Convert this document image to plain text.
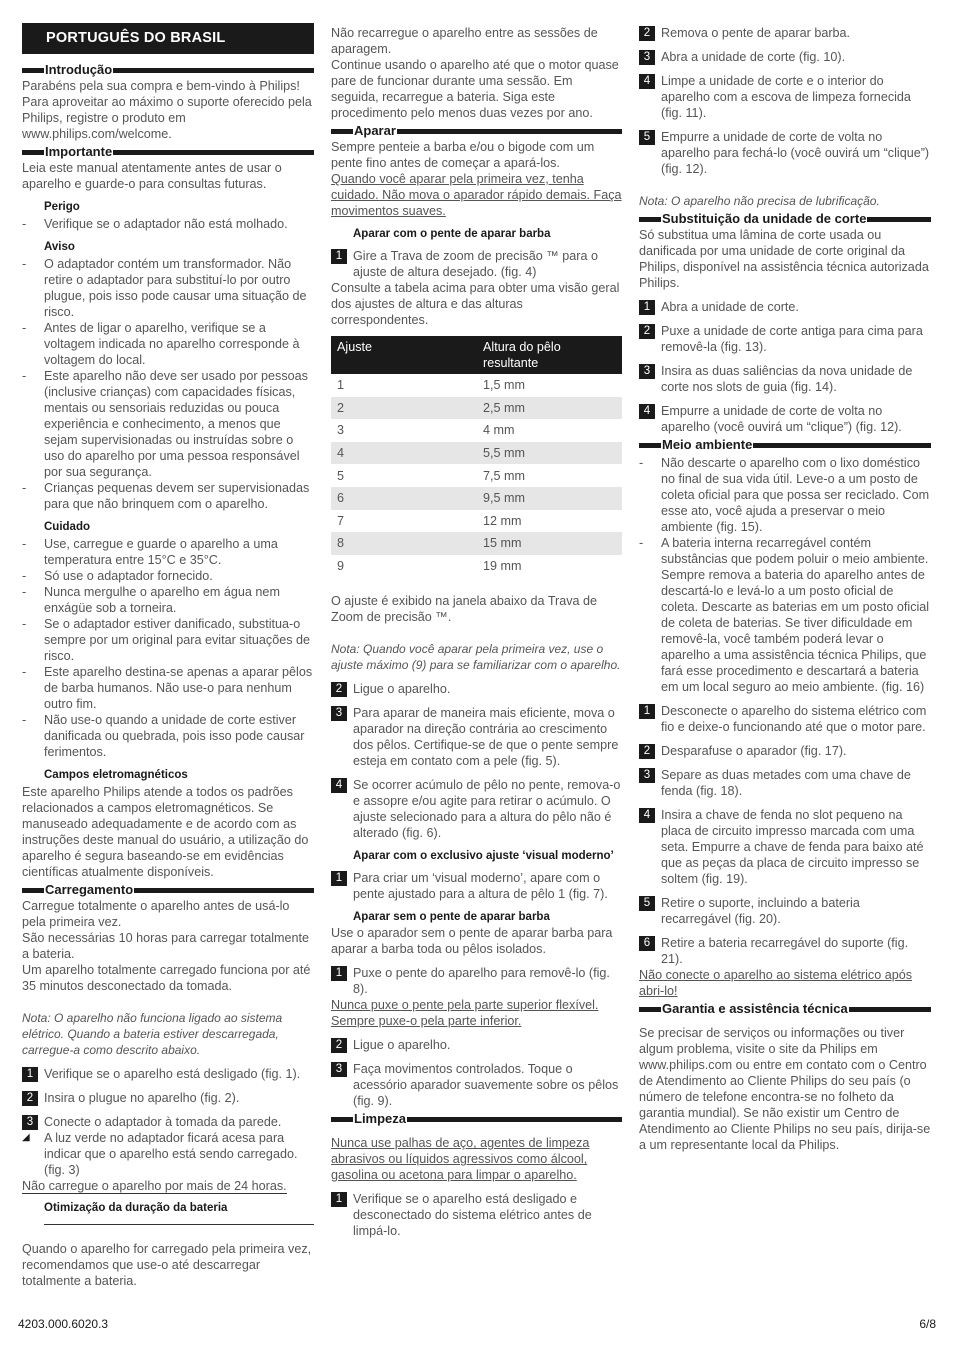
PORTUGUÊS DO BRASIL
Introdução

Parabéns pela sua compra e bem-vindo à Philips! Para aproveitar ao máximo o suporte oferecido pela Philips, registre o produto em www.philips.com/welcome.

Importante

Leia este manual atentamente antes de usar o aparelho e guarde-o para consultas futuras.

Perigo
- Verifique se o adaptador não está molhado.
Aviso
- O adaptador contém um transformador. Não retire o adaptador para substituí-lo por outro plugue, pois isso pode causar uma situação de risco.
- Antes de ligar o aparelho, verifique se a voltagem indicada no aparelho corresponde à voltagem do local.
- Este aparelho não deve ser usado por pessoas (inclusive crianças) com capacidades físicas, mentais ou sensoriais reduzidas ou pouca experiência e conhecimento, a menos que sejam supervisionadas ou instruídas sobre o uso do aparelho por uma pessoa responsável por sua segurança.
- Crianças pequenas devem ser supervisionadas para que não brinquem com o aparelho.
Cuidado
- Use, carregue e guarde o aparelho a uma temperatura entre 15°C e 35°C.
- Só use o adaptador fornecido.
- Nunca mergulhe o aparelho em água nem enxágüe sob a torneira.
- Se o adaptador estiver danificado, substitua-o sempre por um original para evitar situações de risco.
- Este aparelho destina-se apenas a aparar pêlos de barba humanos. Não use-o para nenhum outro fim.
- Não use-o quando a unidade de corte estiver danificada ou quebrada, pois isso pode causar ferimentos.
Campos eletromagnéticos

Este aparelho Philips atende a todos os padrões relacionados a campos eletromagnéticos. Se manuseado adequadamente e de acordo com as instruções deste manual do usuário, a utilização do aparelho é segura baseando-se em evidências científicas atualmente disponíveis.

Carregamento

Carregue totalmente o aparelho antes de usá-lo pela primeira vez.

São necessárias 10 horas para carregar totalmente a bateria.

Um aparelho totalmente carregado funciona por até 35 minutos desconectado da tomada.

Nota: O aparelho não funciona ligado ao sistema elétrico. Quando a bateria estiver descarregada, carregue-a como descrito abaixo.

1 Verifique se o aparelho está desligado (fig. 1).
2 Insira o plugue no aparelho (fig. 2).
3 Conecte o adaptador à tomada da parede.
◢	A luz verde no adaptador ficará acesa para indicar que o aparelho está sendo carregado. (fig. 3)

Não carregue o aparelho por mais de 24 horas.

Otimização da duração da bateria

Quando o aparelho for carregado pela primeira vez, recomendamos que use-o até descarregar totalmente a bateria.

Não recarregue o aparelho entre as sessões de aparagem.

Continue usando o aparelho até que o motor quase pare de funcionar durante uma sessão. Em seguida, recarregue a bateria. Siga este procedimento pelo menos duas vezes por ano.

Aparar

Sempre penteie a barba e/ou o bigode com um pente fino antes de começar a apará-los.

Quando você aparar pela primeira vez, tenha cuidado. Não mova o aparador rápido demais. Faça movimentos suaves.

Aparar com o pente de aparar barba
1 Gire a Trava de zoom de precisão ™ para o ajuste de altura desejado. (fig. 4)

Consulte a tabela acima para obter uma visão geral dos ajustes de altura e das alturas correspondentes.

Ajuste	Altura do pêlo resultante
1	1,5 mm
2	2,5 mm
3	4 mm
4	5,5 mm
5	7,5 mm
6	9,5 mm
7	12 mm
8	15 mm
9	19 mm

O ajuste é exibido na janela abaixo da Trava de Zoom de precisão ™.

Nota: Quando você aparar pela primeira vez, use o ajuste máximo (9) para se familiarizar com o aparelho.

2 Ligue o aparelho.
3 Para aparar de maneira mais eficiente, mova o aparador na direção contrária ao crescimento dos pêlos. Certifique-se de que o pente sempre esteja em contato com a pele (fig. 5).
4 Se ocorrer acúmulo de pêlo no pente, remova-o e assopre e/ou agite para retirar o acúmulo. O ajuste selecionado para a altura do pêlo não é alterado (fig. 6).
Aparar com o exclusivo ajuste ‘visual moderno’
1 Para criar um ‘visual moderno’, apare com o pente ajustado para a altura de pêlo 1 (fig. 7).
Aparar sem o pente de aparar barba

Use o aparador sem o pente de aparar barba para aparar a barba toda ou pêlos isolados.

1 Puxe o pente do aparelho para removê-lo (fig. 8).

Nunca puxe o pente pela parte superior flexível. Sempre puxe-o pela parte inferior.

2 Ligue o aparelho.
3 Faça movimentos controlados. Toque o acessório aparador suavemente sobre os pêlos (fig. 9).
Limpeza

Nunca use palhas de aço, agentes de limpeza abrasivos ou líquidos agressivos como álcool, gasolina ou acetona para limpar o aparelho.

1 Verifique se o aparelho está desligado e desconectado do sistema elétrico antes de limpá-lo.
2 Remova o pente de aparar barba.
3 Abra a unidade de corte (fig. 10).
4 Limpe a unidade de corte e o interior do aparelho com a escova de limpeza fornecida (fig. 11).
5 Empurre a unidade de corte de volta no aparelho para fechá-lo (você ouvirá um “clique”) (fig. 12).

Nota: O aparelho não precisa de lubrificação.

Substituição da unidade de corte

Só substitua uma lâmina de corte usada ou danificada por uma unidade de corte original da Philips, disponível na assistência técnica autorizada Philips.

1 Abra a unidade de corte.
2 Puxe a unidade de corte antiga para cima para removê-la (fig. 13).
3 Insira as duas saliências da nova unidade de corte nos slots de guia (fig. 14).
4 Empurre a unidade de corte de volta no aparelho (você ouvirá um “clique”) (fig. 12).
Meio ambiente
- Não descarte o aparelho com o lixo doméstico no final de sua vida útil. Leve-o a um posto de coleta oficial para que possa ser reciclado. Com esse ato, você ajuda a preservar o meio ambiente (fig. 15).
- A bateria interna recarregável contém substâncias que podem poluir o meio ambiente. Sempre remova a bateria do aparelho antes de descartá-lo e levá-lo a um posto oficial de coleta. Descarte as baterias em um posto oficial de coleta de baterias. Se tiver dificuldade em removê-la, você também poderá levar o aparelho a uma assistência técnica Philips, que fará esse procedimento e descartará a bateria em um local seguro ao meio ambiente. (fig. 16)
1 Desconecte o aparelho do sistema elétrico com fio e deixe-o funcionando até que o motor pare.
2 Desparafuse o aparador (fig. 17).
3 Separe as duas metades com uma chave de fenda (fig. 18).
4 Insira a chave de fenda no slot pequeno na placa de circuito impresso marcada com uma seta. Empurre a chave de fenda para baixo até que as peças da placa de circuito impresso se soltem (fig. 19).
5 Retire o suporte, incluindo a bateria recarregável (fig. 20).
6 Retire a bateria recarregável do suporte (fig. 21).

Não conecte o aparelho ao sistema elétrico após abri-lo!

Garantia e assistência técnica

Se precisar de serviços ou informações ou tiver algum problema, visite o site da Philips em www.philips.com ou entre em contato com o Centro de Atendimento ao Cliente Philips do seu país (o número de telefone encontra-se no folheto da garantia mundial). Se não existir um Centro de Atendimento ao Cliente Philips no seu país, dirija-se a um representante local da Philips.

4203.000.6020.3	6/8
